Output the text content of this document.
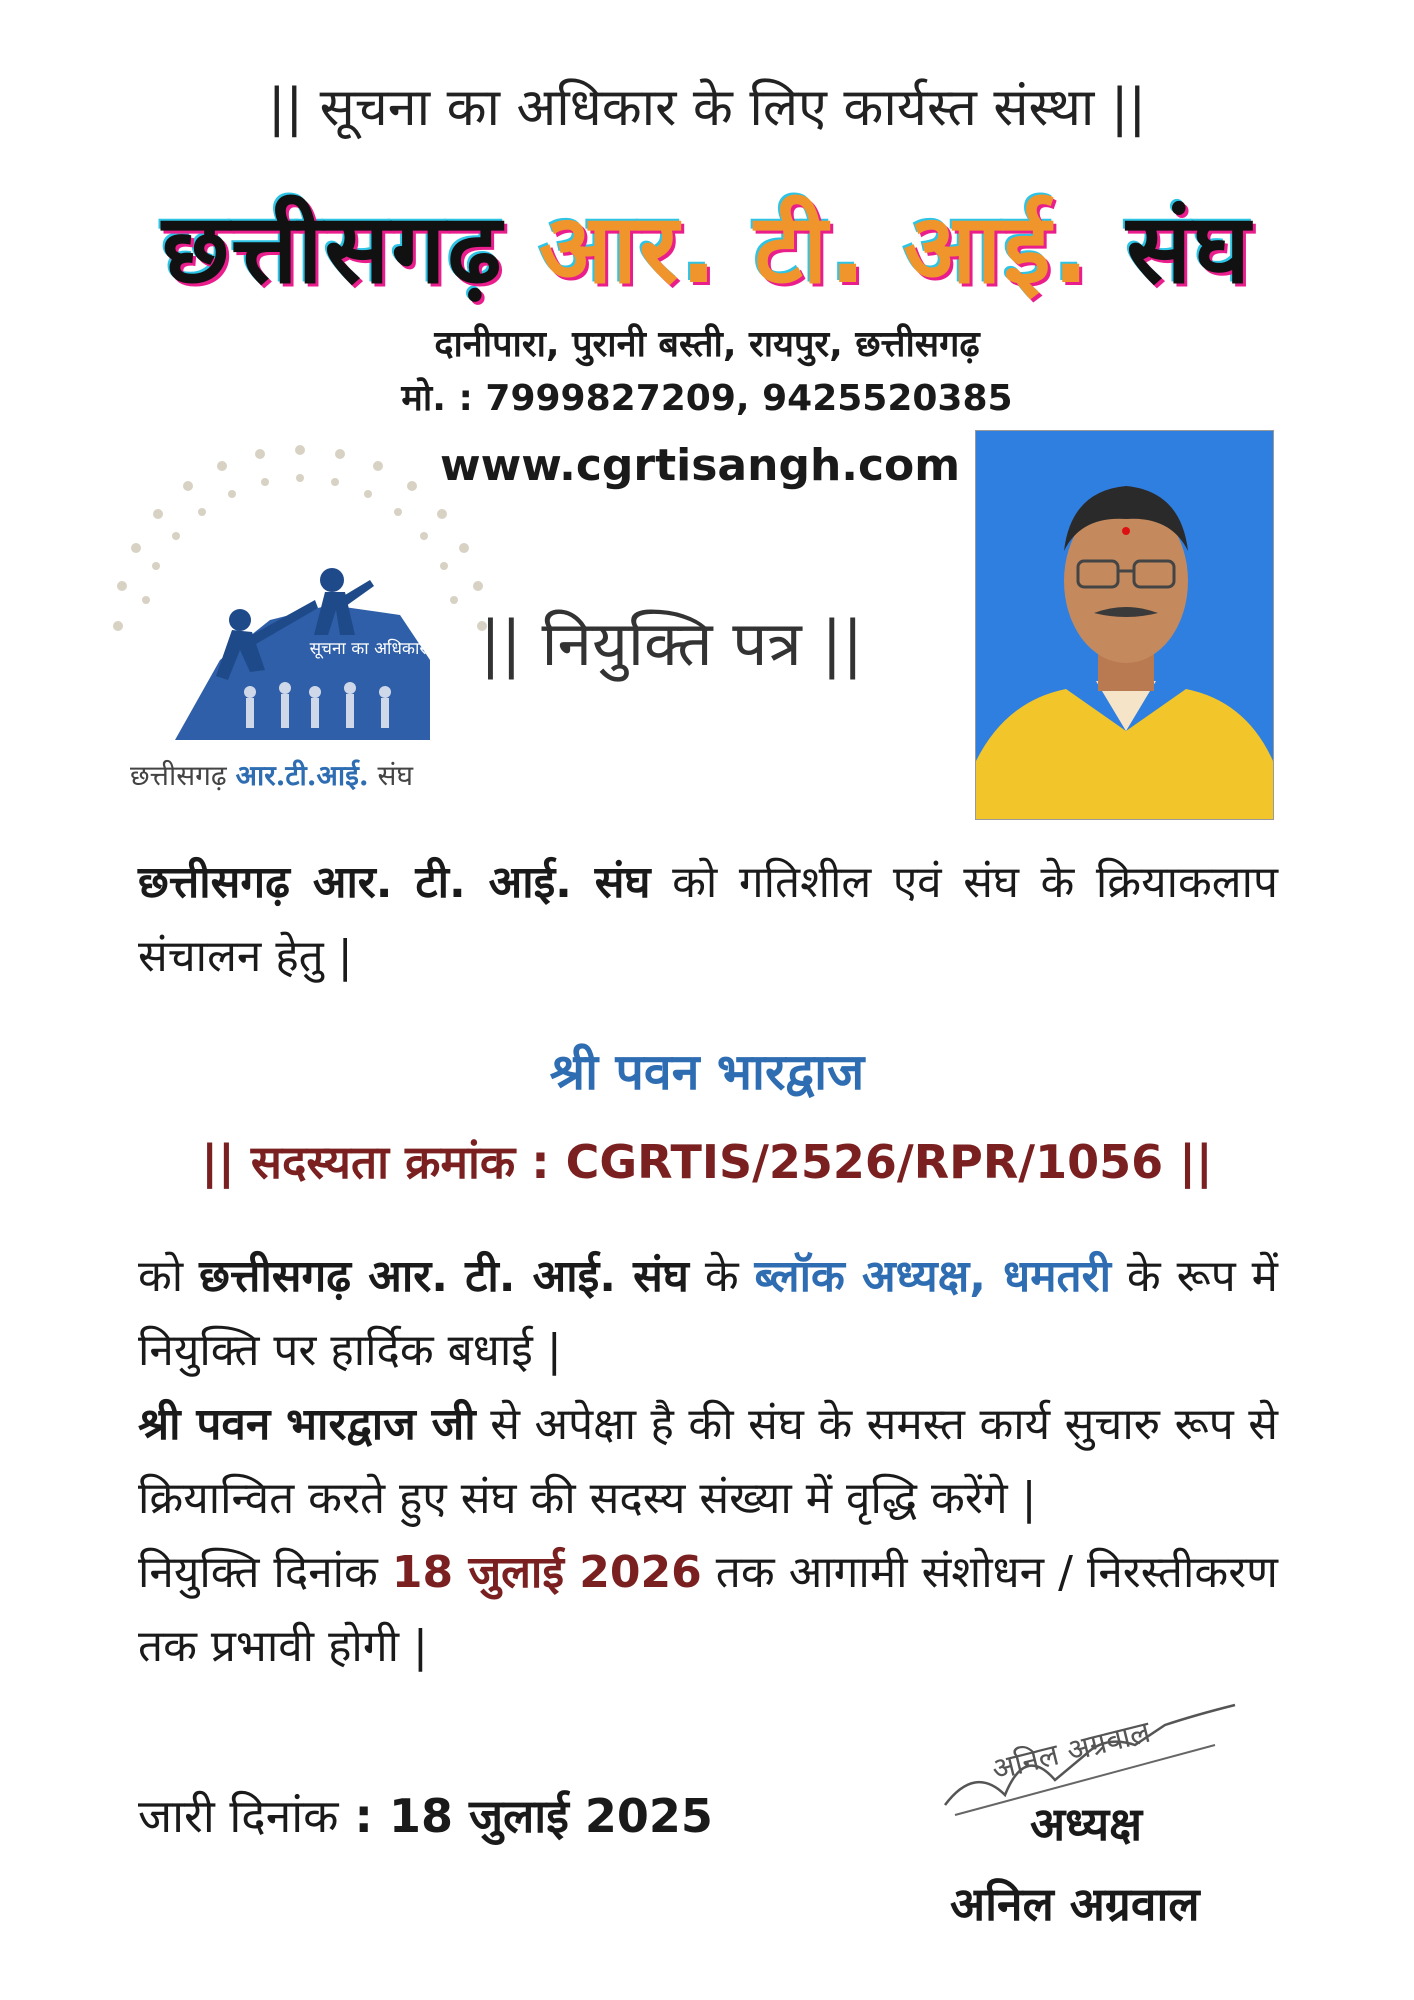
|| सूचना का अधिकार के लिए कार्यस्त संस्था ||
छत्तीसगढ़ आर. टी. आई. संघ
दानीपारा, पुरानी बस्ती, रायपुर, छत्तीसगढ़
मो. : 7999827209, 9425520385
www.cgrtisangh.com
सूचना का अधिकार
छत्तीसगढ़ आर.टी.आई. संघ
|| नियुक्ति पत्र ||
छत्तीसगढ़ आर. टी. आई. संघ को गतिशील एवं संघ के क्रियाकलाप संचालन हेतु |
श्री पवन भारद्वाज
|| सदस्यता क्रमांक : CGRTIS/2526/RPR/1056 ||
को छत्तीसगढ़ आर. टी. आई. संघ के ब्लॉक अध्यक्ष, धमतरी के रूप में नियुक्ति पर हार्दिक बधाई |
श्री पवन भारद्वाज जी से अपेक्षा है की संघ के समस्त कार्य सुचारु रूप से क्रियान्वित करते हुए संघ की सदस्य संख्या में वृद्धि करेंगे |
नियुक्ति दिनांक 18 जुलाई 2026 तक आगामी संशोधन / निरस्तीकरण तक प्रभावी होगी |
जारी दिनांक : 18 जुलाई 2025
अनिल अग्रवाल
अध्यक्ष
अनिल अग्रवाल
